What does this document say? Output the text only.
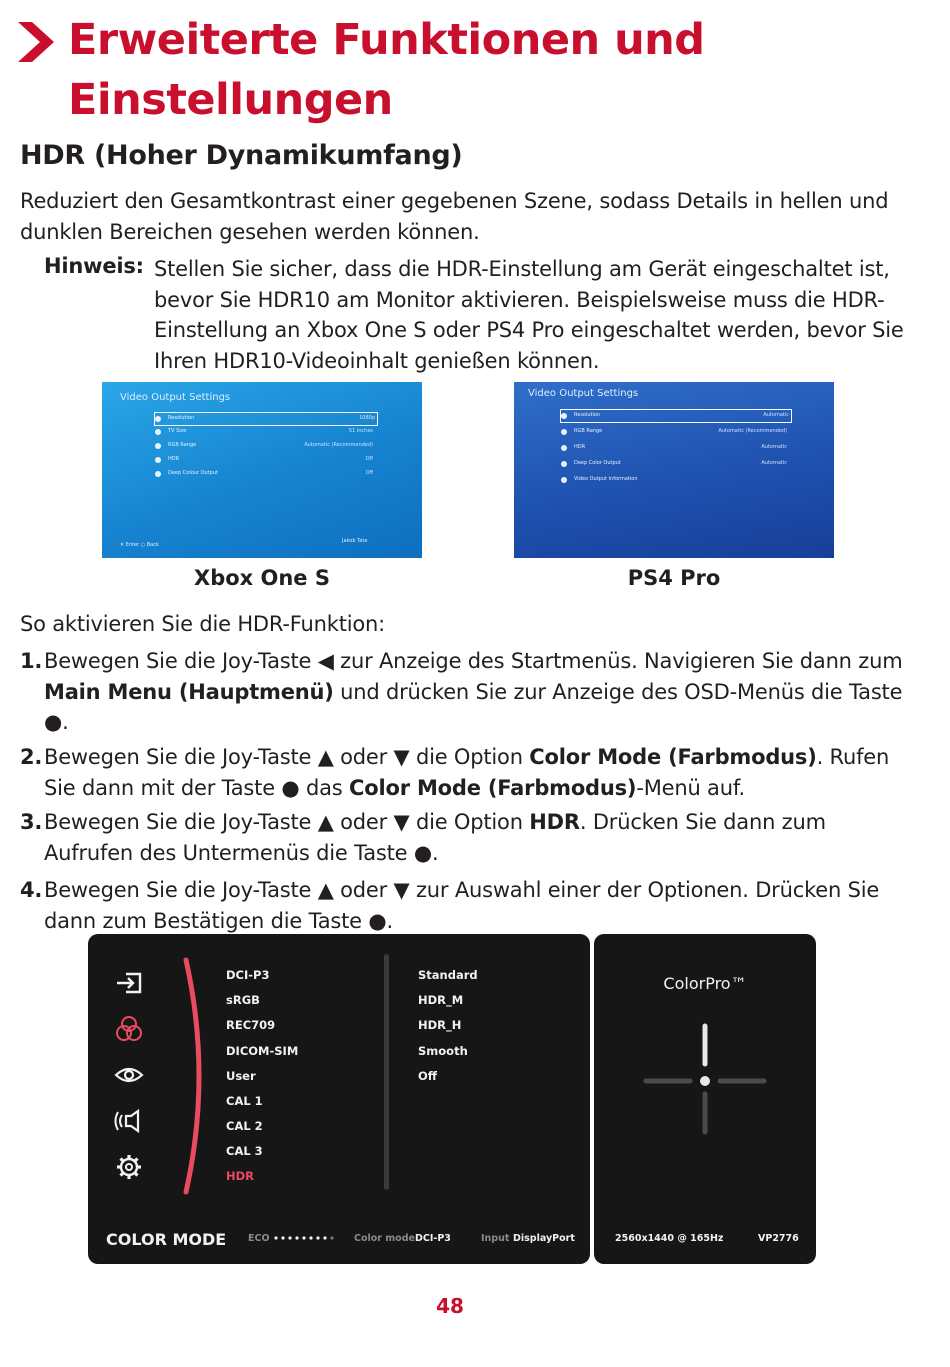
Erweiterte Funktionen und Einstellungen
HDR (Hoher Dynamikumfang)

Reduziert den Gesamtkontrast einer gegebenen Szene, sodass Details in hellen und dunklen Bereichen gesehen werden können.

Hinweis: Stellen Sie sicher, dass die HDR-Einstellung am Gerät eingeschaltet ist, bevor Sie HDR10 am Monitor aktivieren. Beispielsweise muss die HDR-Einstellung an Xbox One S oder PS4 Pro eingeschaltet werden, bevor Sie Ihren HDR10-Videoinhalt genießen können.

Video Output Settings
Resolution	1080p
TV Size	51 inches
RGB Range	Automatic (Recommended)
HDR	Off
Deep Colour Output	Off
✕ Enter ○ Back
Jakob Tate
Xbox One S
Video Output Settings
Resolution	Automatic
RGB Range	Automatic (Recommended)
HDR	Automatic
Deep Color Output	Automatic
Video Output Information
PS4 Pro
So aktivieren Sie die HDR-Funktion:
1. Bewegen Sie die Joy-Taste ◀ zur Anzeige des Startmenüs. Navigieren Sie dann zum Main Menu (Hauptmenü) und drücken Sie zur Anzeige des OSD-Menüs die Taste ●.
2. Bewegen Sie die Joy-Taste ▲ oder ▼ die Option Color Mode (Farbmodus). Rufen Sie dann mit der Taste ● das Color Mode (Farbmodus)-Menü auf.
3. Bewegen Sie die Joy-Taste ▲ oder ▼ die Option HDR. Drücken Sie dann zum Aufrufen des Untermenüs die Taste ●.
4. Bewegen Sie die Joy-Taste ▲ oder ▼ zur Auswahl einer der Optionen. Drücken Sie dann zum Bestätigen die Taste ●.
DCI-P3
sRGB
REC709
DICOM-SIM
User
CAL 1
CAL 2
CAL 3
HDR
Standard
HDR_M
HDR_H
Smooth
Off
COLOR MODE ECO	Color mode DCI-P3	Input DisplayPort
ColorPro™
2560x1440 @ 165Hz	VP2776
48
